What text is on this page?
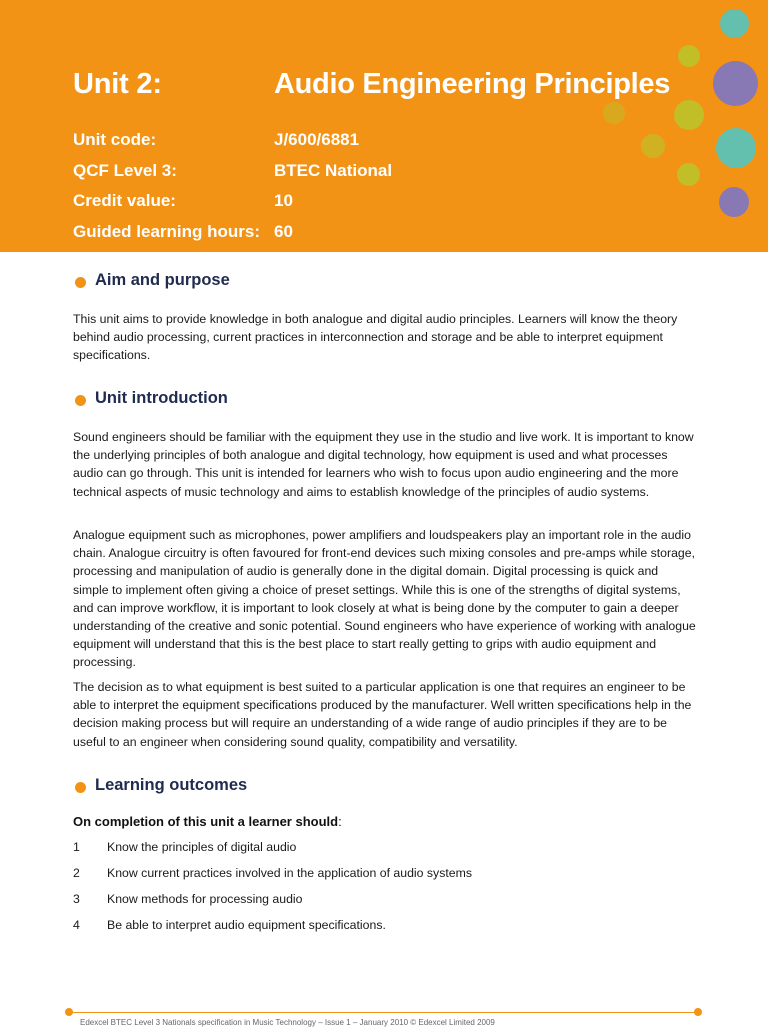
Unit 2:	Audio Engineering Principles
Unit code:	J/600/6881
QCF Level 3:	BTEC National
Credit value:	10
Guided learning hours: 60
Aim and purpose
This unit aims to provide knowledge in both analogue and digital audio principles. Learners will know the theory behind audio processing, current practices in interconnection and storage and be able to interpret equipment specifications.
Unit introduction
Sound engineers should be familiar with the equipment they use in the studio and live work. It is important to know the underlying principles of both analogue and digital technology, how equipment is used and what processes audio can go through. This unit is intended for learners who wish to focus upon audio engineering and the more technical aspects of music technology and aims to establish knowledge of the principles of audio systems.
Analogue equipment such as microphones, power amplifiers and loudspeakers play an important role in the audio chain. Analogue circuitry is often favoured for front-end devices such mixing consoles and pre-amps while storage, processing and manipulation of audio is generally done in the digital domain. Digital processing is quick and simple to implement often giving a choice of preset settings. While this is one of the strengths of digital systems, and can improve workflow, it is important to look closely at what is being done by the computer to gain a deeper understanding of the creative and sonic potential. Sound engineers who have experience of working with analogue equipment will understand that this is the best place to start really getting to grips with audio equipment and processing.
The decision as to what equipment is best suited to a particular application is one that requires an engineer to be able to interpret the equipment specifications produced by the manufacturer. Well written specifications help in the decision making process but will require an understanding of a wide range of audio principles if they are to be useful to an engineer when considering sound quality, compatibility and versatility.
Learning outcomes
On completion of this unit a learner should:
1 Know the principles of digital audio
2 Know current practices involved in the application of audio systems
3 Know methods for processing audio
4 Be able to interpret audio equipment specifications.
Edexcel BTEC Level 3 Nationals specification in Music Technology – Issue 1 – January 2010 © Edexcel Limited 2009
